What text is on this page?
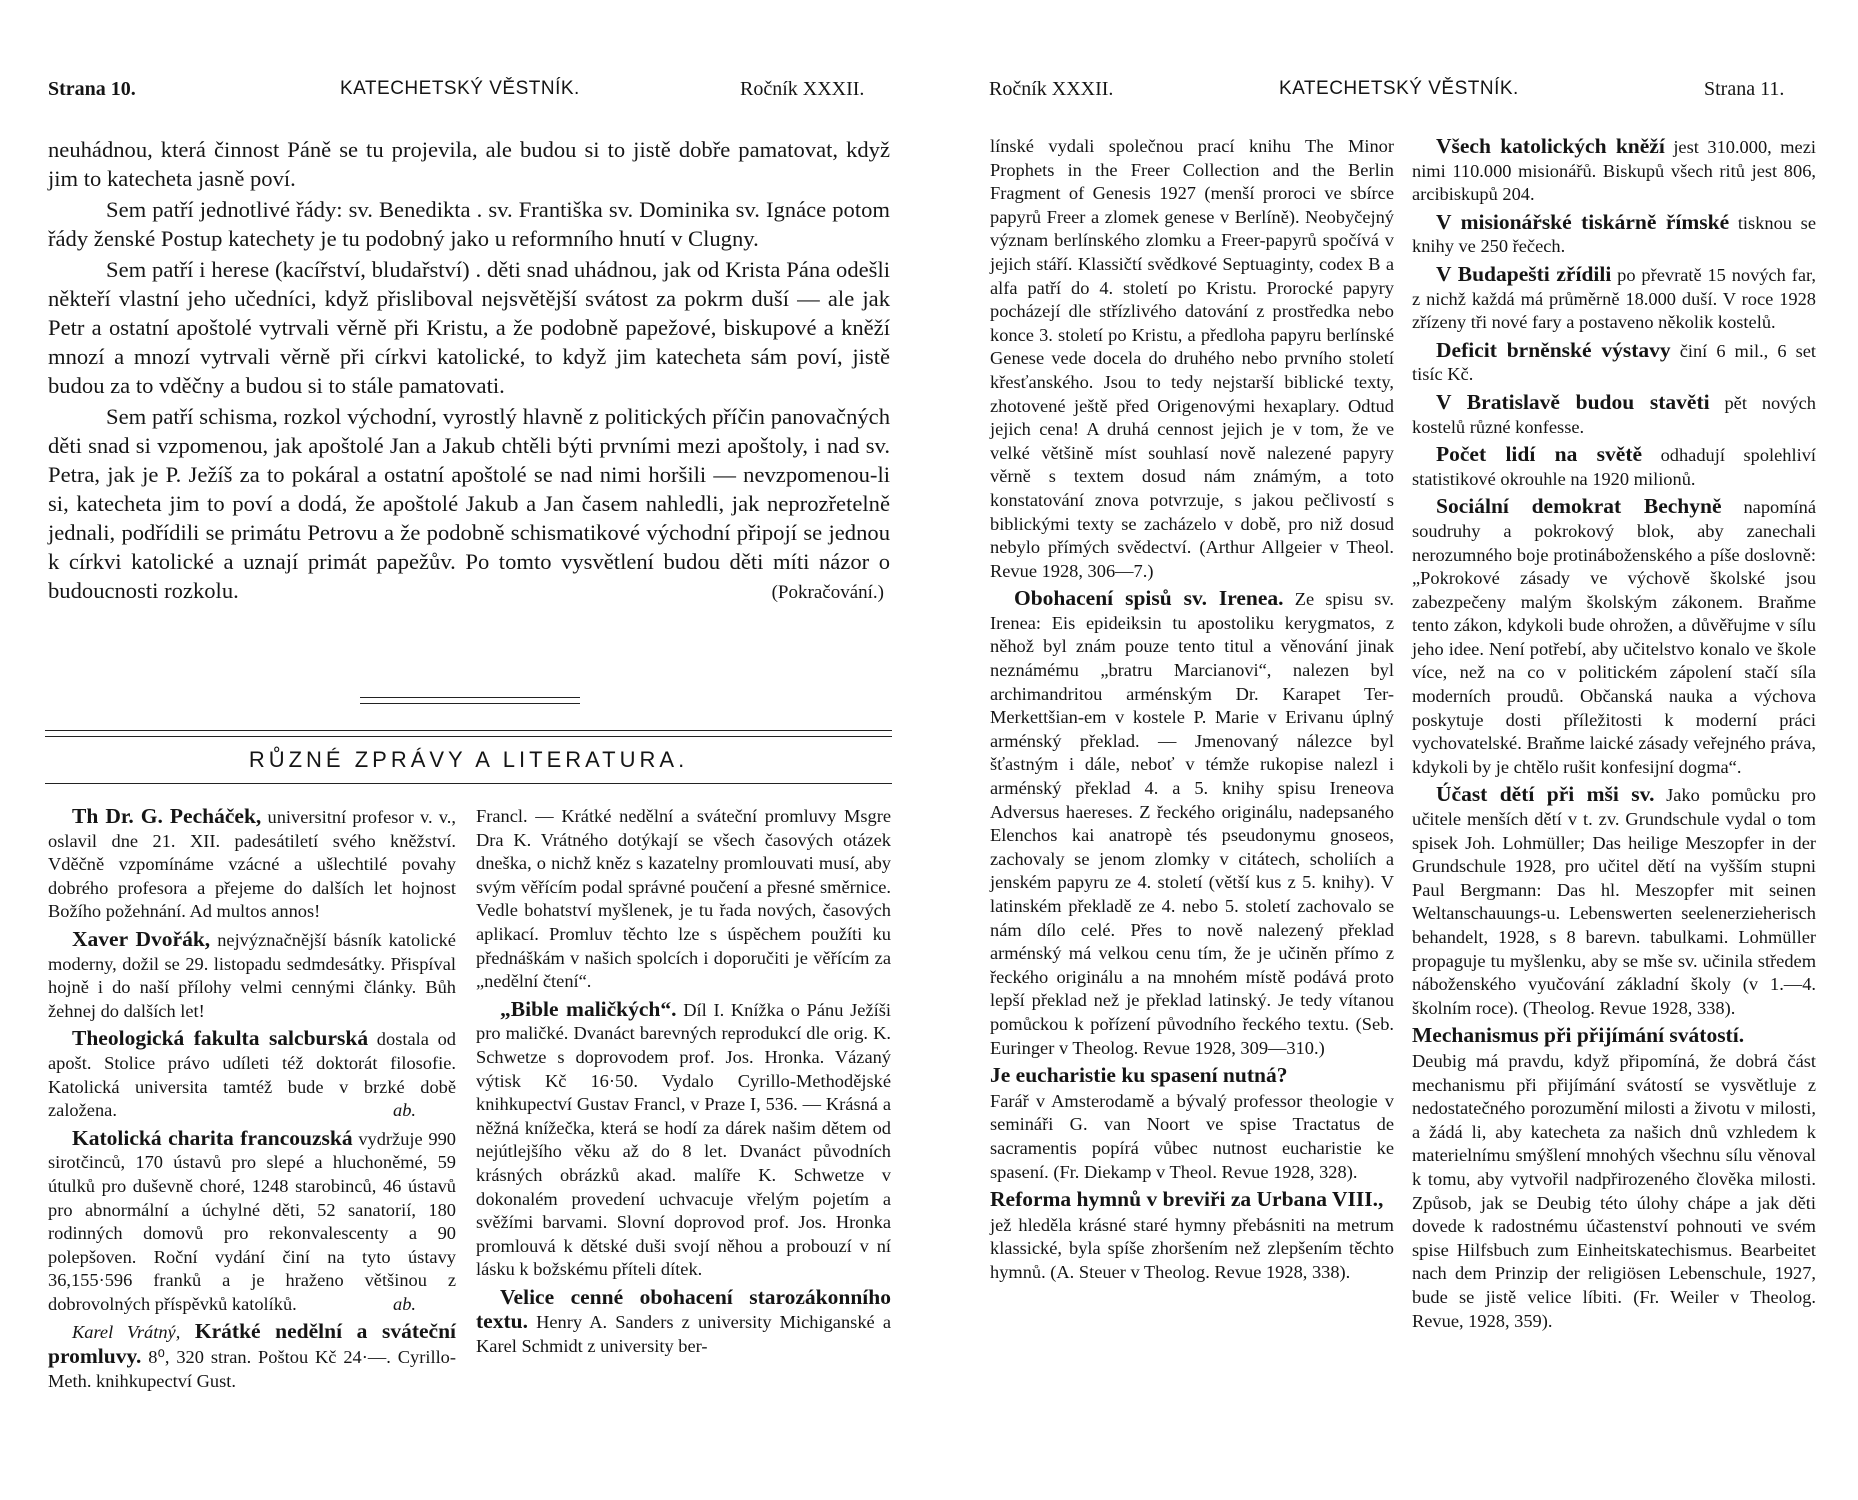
Strana 10.	KATECHETSKÝ VĚSTNÍK.	Ročník XXXII.

neuhádnou, která činnost Páně se tu projevila, ale budou si to jistě dobře pamatovat, když jim to katecheta jasně poví.

Sem patří jednotlivé řády: sv. Benedikta . sv. Františka sv. Dominika sv. Ignáce potom řády ženské Postup katechety je tu podobný jako u reformního hnutí v Clugny.

Sem patří i herese (kacířství, bludařství) . děti snad uhádnou, jak od Krista Pána odešli někteří vlastní jeho učedníci, když přisliboval nejsvětější svátost za pokrm duší — ale jak Petr a ostatní apoštolé vytrvali věrně při Kristu, a že podobně papežové, biskupové a kněží mnozí a mnozí vytrvali věrně při církvi katolické, to když jim katecheta sám poví, jistě budou za to vděčny a budou si to stále pamatovati.

Sem patří schisma, rozkol východní, vyrostlý hlavně z politických příčin panovačných děti snad si vzpomenou, jak apoštolé Jan a Jakub chtěli býti prvními mezi apoštoly, i nad sv. Petra, jak je P. Ježíš za to pokáral a ostatní apoštolé se nad nimi horšili — nevzpomenou-li si, katecheta jim to poví a dodá, že apoštolé Jakub a Jan časem nahledli, jak neprozřetelně jednali, podřídili se primátu Petrovu a že podobně schismatikové východní připojí se jednou k církvi katolické a uznají primát papežův. Po tomto vysvětlení budou děti míti názor o budoucnosti rozkolu.	(Pokračování.)
RŮZNÉ ZPRÁVY A LITERATURA.

Th Dr. G. Pecháček, universitní profesor v. v., oslavil dne 21. XII. padesátiletí svého kněžství. Vděčně vzpomínáme vzácné a ušlechtilé povahy dobrého profesora a přejeme do dalších let hojnost Božího požehnání. Ad multos annos!

Xaver Dvořák, nejvýznačnější básník katolické moderny, dožil se 29. listopadu sedmdesátky. Přispíval hojně i do naší přílohy velmi cennými články. Bůh žehnej do dalších let!

Theologická fakulta salcburská dostala od apošt. Stolice právo udíleti též doktorát filosofie. Katolická universita tamtéž bude v brzké době založena.	ab.

Katolická charita francouzská vydržuje 990 sirotčinců, 170 ústavů pro slepé a hluchoněmé, 59 útulků pro duševně choré, 1248 starobinců, 46 ústavů pro abnormální a úchylné děti, 52 sanatorií, 180 rodinných domovů pro rekonvalescenty a 90 polepšoven. Roční vydání činí na tyto ústavy 36,155·596 franků a je hraženo většinou z dobrovolných příspěvků katolíků.	ab.

Karel Vrátný, Krátké nedělní a sváteční promluvy. 8⁰, 320 stran. Poštou Kč 24·—. Cyrillo-Meth. knihkupectví Gust.

Francl. — Krátké nedělní a sváteční promluvy Msgre Dra K. Vrátného dotýkají se všech časových otázek dneška, o nichž kněz s kazatelny promlouvati musí, aby svým věřícím podal správné poučení a přesné směrnice. Vedle bohatství myšlenek, je tu řada nových, časových aplikací. Promluv těchto lze s úspěchem použíti ku přednáškám v našich spolcích i doporučiti je věřícím za „nedělní čtení“.

„Bible maličkých“. Díl I. Knížka o Pánu Ježíši pro maličké. Dvanáct barevných reprodukcí dle orig. K. Schwetze s doprovodem prof. Jos. Hronka. Vázaný výtisk Kč 16·50. Vydalo Cyrillo-Methodějské knihkupectví Gustav Francl, v Praze I, 536. — Krásná a něžná knížečka, která se hodí za dárek našim dětem od nejútlejšího věku až do 8 let. Dvanáct původních krásných obrázků akad. malíře K. Schwetze v dokonalém provedení uchvacuje vřelým pojetím a svěžími barvami. Slovní doprovod prof. Jos. Hronka promlouvá k dětské duši svojí něhou a probouzí v ní lásku k božskému příteli dítek.

Velice cenné obohacení starozákonního textu. Henry A. Sanders z university Michiganské a Karel Schmidt z university ber-

Ročník XXXII.	KATECHETSKÝ VĚSTNÍK.	Strana 11.

línské vydali společnou prací knihu The Minor Prophets in the Freer Collection and the Berlin Fragment of Genesis 1927 (menší proroci ve sbírce papyrů Freer a zlomek genese v Berlíně). Neobyčejný význam berlínského zlomku a Freer-papyrů spočívá v jejich stáří. Klassičtí svědkové Septuaginty, codex B a alfa patří do 4. století po Kristu. Prorocké papyry pocházejí dle střízlivého datování z prostředka nebo konce 3. století po Kristu, a předloha papyru berlínské Genese vede docela do druhého nebo prvního století křesťanského. Jsou to tedy nejstarší biblické texty, zhotovené ještě před Origenovými hexaplary. Odtud jejich cena! A druhá cennost jejich je v tom, že ve velké většině míst souhlasí nově nalezené papyry věrně s textem dosud nám známým, a toto konstatování znova potvrzuje, s jakou pečlivostí s biblickými texty se zacházelo v době, pro niž dosud nebylo přímých svědectví. (Arthur Allgeier v Theol. Revue 1928, 306—7.)

Obohacení spisů sv. Irenea. Ze spisu sv. Irenea: Eis epideiksin tu apostoliku kerygmatos, z něhož byl znám pouze tento titul a věnování jinak neznámému „bratru Marcianovi“, nalezen byl archimandritou arménským Dr. Karapet Ter-Merkettšian-em v kostele P. Marie v Erivanu úplný arménský překlad. — Jmenovaný nálezce byl šťastným i dále, neboť v témže rukopise nalezl i arménský překlad 4. a 5. knihy spisu Ireneova Adversus haereses. Z řeckého originálu, nadepsaného Elenchos kai anatropè tés pseudonymu gnoseos, zachovaly se jenom zlomky v citátech, scholiích a jenském papyru ze 4. století (větší kus z 5. knihy). V latinském překladě ze 4. nebo 5. století zachovalo se nám dílo celé. Přes to nově nalezený překlad arménský má velkou cenu tím, že je učiněn přímo z řeckého originálu a na mnohém místě podává proto lepší překlad než je překlad latinský. Je tedy vítanou pomůckou k pořízení původního řeckého textu. (Seb. Euringer v Theolog. Revue 1928, 309—310.)

Je eucharistie ku spasení nutná?

Farář v Amsterodamě a bývalý professor theologie v semináři G. van Noort ve spise Tractatus de sacramentis popírá vůbec nutnost eucharistie ke spasení. (Fr. Diekamp v Theol. Revue 1928, 328).

Reforma hymnů v breviři za Urbana VIII.,

jež hleděla krásné staré hymny přebásniti na metrum klassické, byla spíše zhoršením než zlepšením těchto hymnů. (A. Steuer v Theolog. Revue 1928, 338).

Všech katolických kněží jest 310.000, mezi nimi 110.000 misionářů. Biskupů všech ritů jest 806, arcibiskupů 204.

V misionářské tiskárně římské tisknou se knihy ve 250 řečech.

V Budapešti zřídili po převratě 15 nových far, z nichž každá má průměrně 18.000 duší. V roce 1928 zřízeny tři nové fary a postaveno několik kostelů.

Deficit brněnské výstavy činí 6 mil., 6 set tisíc Kč.

V Bratislavě budou stavěti pět nových kostelů různé konfesse.

Počet lidí na světě odhadují spolehliví statistikové okrouhle na 1920 milionů.

Sociální demokrat Bechyně napomíná soudruhy a pokrokový blok, aby zanechali nerozumného boje protináboženského a píše doslovně: „Pokrokové zásady ve výchově školské jsou zabezpečeny malým školským zákonem. Braňme tento zákon, kdykoli bude ohrožen, a důvěřujme v sílu jeho idee. Není potřebí, aby učitelstvo konalo ve škole více, než na co v politickém zápolení stačí síla moderních proudů. Občanská nauka a výchova poskytuje dosti příležitosti k moderní práci vychovatelské. Braňme laické zásady veřejného práva, kdykoli by je chtělo rušit konfesijní dogma“.

Účast dětí při mši sv. Jako pomůcku pro učitele menších dětí v t. zv. Grundschule vydal o tom spisek Joh. Lohmüller; Das heilige Meszopfer in der Grundschule 1928, pro učitel dětí na vyšším stupni Paul Bergmann: Das hl. Meszopfer mit seinen Weltanschauungs-u. Lebenswerten seelenerzieherisch behandelt, 1928, s 8 barevn. tabulkami. Lohmüller propaguje tu myšlenku, aby se mše sv. učinila středem náboženského vyučování základní školy (v 1.—4. školním roce). (Theolog. Revue 1928, 338).

Mechanismus při přijímání svátostí.

Deubig má pravdu, když připomíná, že dobrá část mechanismu při přijímání svátostí se vysvětluje z nedostatečného porozumění milosti a životu v milosti, a žádá li, aby katecheta za našich dnů vzhledem k materielnímu smýšlení mnohých všechnu sílu věnoval k tomu, aby vytvořil nadpřirozeného člověka milosti. Způsob, jak se Deubig této úlohy chápe a jak děti dovede k radostnému účastenství pohnouti ve svém spise Hilfsbuch zum Einheitskatechismus. Bearbeitet nach dem Prinzip der religiösen Lebenschule, 1927, bude se jistě velice líbiti. (Fr. Weiler v Theolog. Revue, 1928, 359).
